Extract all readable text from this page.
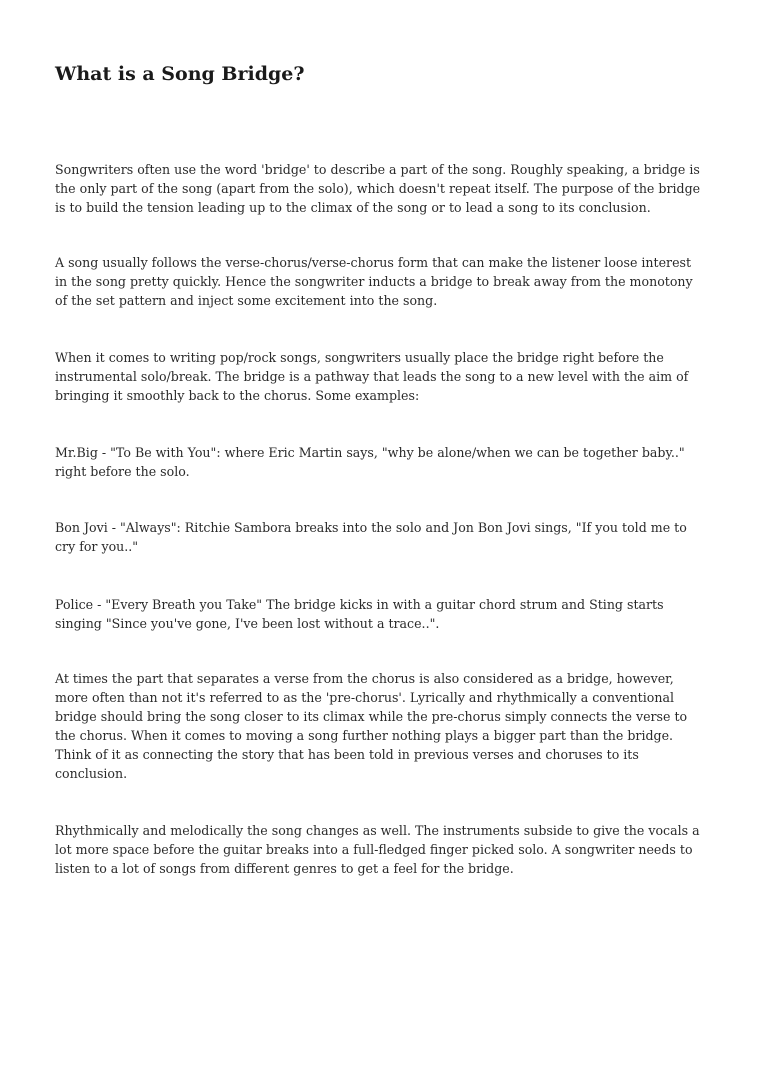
What is a Song Bridge?

Songwriters often use the word 'bridge' to describe a part of the song. Roughly speaking, a bridge is
the only part of the song (apart from the solo), which doesn't repeat itself. The purpose of the bridge
is to build the tension leading up to the climax of the song or to lead a song to its conclusion.

A song usually follows the verse-chorus/verse-chorus form that can make the listener loose interest
in the song pretty quickly. Hence the songwriter inducts a bridge to break away from the monotony
of the set pattern and inject some excitement into the song.

When it comes to writing pop/rock songs, songwriters usually place the bridge right before the
instrumental solo/break. The bridge is a pathway that leads the song to a new level with the aim of
bringing it smoothly back to the chorus. Some examples:

Mr.Big - "To Be with You": where Eric Martin says, "why be alone/when we can be together baby.."
right before the solo.

Bon Jovi - "Always": Ritchie Sambora breaks into the solo and Jon Bon Jovi sings, "If you told me to
cry for you.."

Police - "Every Breath you Take" The bridge kicks in with a guitar chord strum and Sting starts
singing "Since you've gone, I've been lost without a trace..".

At times the part that separates a verse from the chorus is also considered as a bridge, however,
more often than not it's referred to as the 'pre-chorus'. Lyrically and rhythmically a conventional
bridge should bring the song closer to its climax while the pre-chorus simply connects the verse to
the chorus. When it comes to moving a song further nothing plays a bigger part than the bridge.
Think of it as connecting the story that has been told in previous verses and choruses to its
conclusion.

Rhythmically and melodically the song changes as well. The instruments subside to give the vocals a
lot more space before the guitar breaks into a full-fledged finger picked solo. A songwriter needs to
listen to a lot of songs from different genres to get a feel for the bridge.
